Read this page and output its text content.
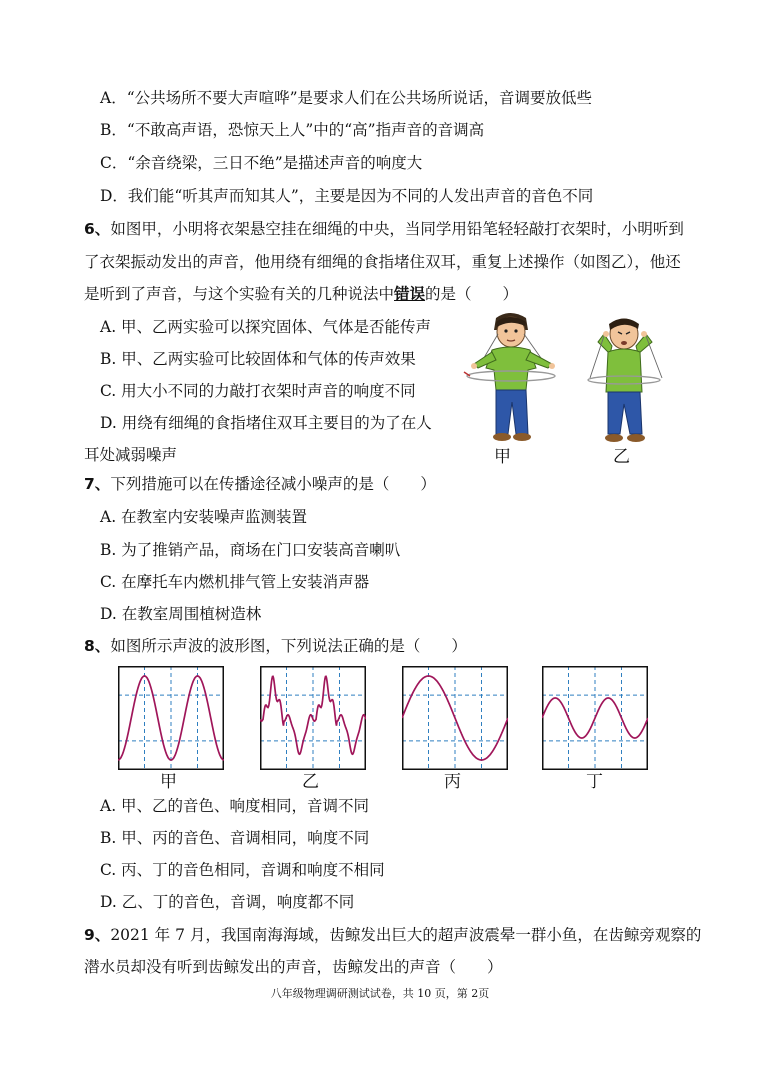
A．“公共场所不要大声喧哗”是要求人们在公共场所说话，音调要放低些
B．“不敢高声语，恐惊天上人”中的“高”指声音的音调高
C．“余音绕梁，三日不绝”是描述声音的响度大
D．我们能“听其声而知其人”，主要是因为不同的人发出声音的音色不同
6、如图甲，小明将衣架悬空挂在细绳的中央，当同学用铅笔轻轻敲打衣架时，小明听到
了衣架振动发出的声音，他用绕有细绳的食指堵住双耳，重复上述操作（如图乙），他还
是听到了声音，与这个实验有关的几种说法中错误的是（　　）
A. 甲、乙两实验可以探究固体、气体是否能传声
B. 甲、乙两实验可比较固体和气体的传声效果
C. 用大小不同的力敲打衣架时声音的响度不同
D. 用绕有细绳的食指堵住双耳主要目的为了在人
耳处减弱噪声	甲	乙
7、下列措施可以在传播途径减小噪声的是（　　）
A. 在教室内安装噪声监测装置
B. 为了推销产品，商场在门口安装高音喇叭
C. 在摩托车内燃机排气管上安装消声器
D. 在教室周围植树造林
8、如图所示声波的波形图，下列说法正确的是（　　）
甲	乙	丙	丁
A. 甲、乙的音色、响度相同，音调不同
B. 甲、丙的音色、音调相同，响度不同
C. 丙、丁的音色相同，音调和响度不相同
D. 乙、丁的音色，音调，响度都不同
9、2021 年 7 月，我国南海海域，齿鲸发出巨大的超声波震晕一群小鱼，在齿鲸旁观察的
潜水员却没有听到齿鲸发出的声音，齿鲸发出的声音（　　）
八年级物理调研测试试卷，共 10 页，第 2页
